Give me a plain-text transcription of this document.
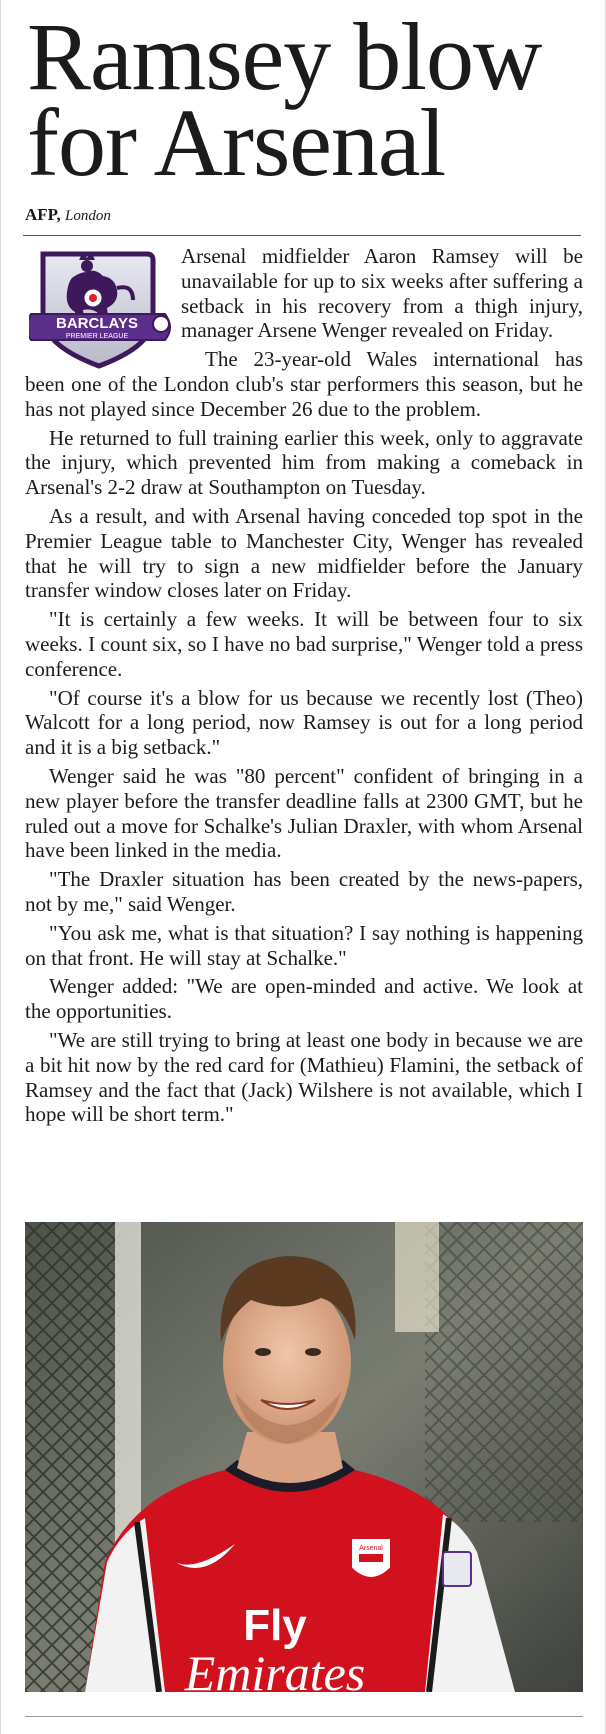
Ramsey blow
for Arsenal
AFP, London
BARCLAYS
PREMIER LEAGUE

Arsenal midfielder Aaron Ramsey will be unavailable for up to six weeks after suffering a setback in his recovery from a thigh injury, manager Arsene Wenger revealed on Friday.

The 23-year-old Wales international has been one of the London club's star performers this season, but he has not played since December 26 due to the problem.

He returned to full training earlier this week, only to aggravate the injury, which prevented him from making a comeback in Arsenal's 2-2 draw at Southampton on Tuesday.

As a result, and with Arsenal having conceded top spot in the Premier League table to Manchester City, Wenger has revealed that he will try to sign a new midfielder before the January transfer window closes later on Friday.

"It is certainly a few weeks. It will be between four to six weeks. I count six, so I have no bad surprise," Wenger told a press conference.

"Of course it's a blow for us because we recently lost (Theo) Walcott for a long period, now Ramsey is out for a long period and it is a big setback."

Wenger said he was "80 percent" confident of bringing in a new player before the transfer deadline falls at 2300 GMT, but he ruled out a move for Schalke's Julian Draxler, with whom Arsenal have been linked in the media.

"The Draxler situation has been created by the news-papers, not by me," said Wenger.

"You ask me, what is that situation? I say nothing is happening on that front. He will stay at Schalke."

Wenger added: "We are open-minded and active. We look at the opportunities.

"We are still trying to bring at least one body in because we are a bit hit now by the red card for (Mathieu) Flamini, the setback of Ramsey and the fact that (Jack) Wilshere is not available, which I hope will be short term."

Arsenal
Fly
Emirates
